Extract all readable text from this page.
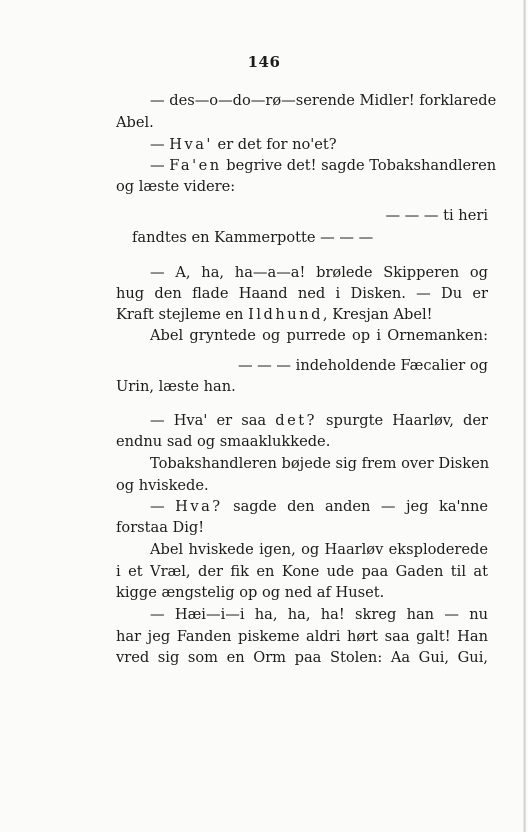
146
— des—o—do—rø—serende Midler! forklarede
Abel.
— Hva' er det for no'et?
— Fa'en begrive det! sagde Tobakshandleren
og læste videre:
— — — ti heri
fandtes en Kammerpotte — — —
— A, ha, ha—a—a! brølede Skipperen og
hug den flade Haand ned i Disken. — Du er
Kraft stejleme en Ildhund, Kresjan Abel!
Abel gryntede og purrede op i Ornemanken:
— — — indeholdende Fæcalier og
Urin, læste han.
— Hva' er saa det? spurgte Haarløv, der
endnu sad og smaaklukkede.
Tobakshandleren bøjede sig frem over Disken
og hviskede.
— Hva? sagde den anden — jeg ka'nne
forstaa Dig!
Abel hviskede igen, og Haarløv eksploderede
i et Vræl, der fik en Kone ude paa Gaden til at
kigge ængstelig op og ned af Huset.
— Hæi—i—i ha, ha, ha! skreg han — nu
har jeg Fanden piskeme aldri hørt saa galt! Han
vred sig som en Orm paa Stolen: Aa Gui, Gui,
